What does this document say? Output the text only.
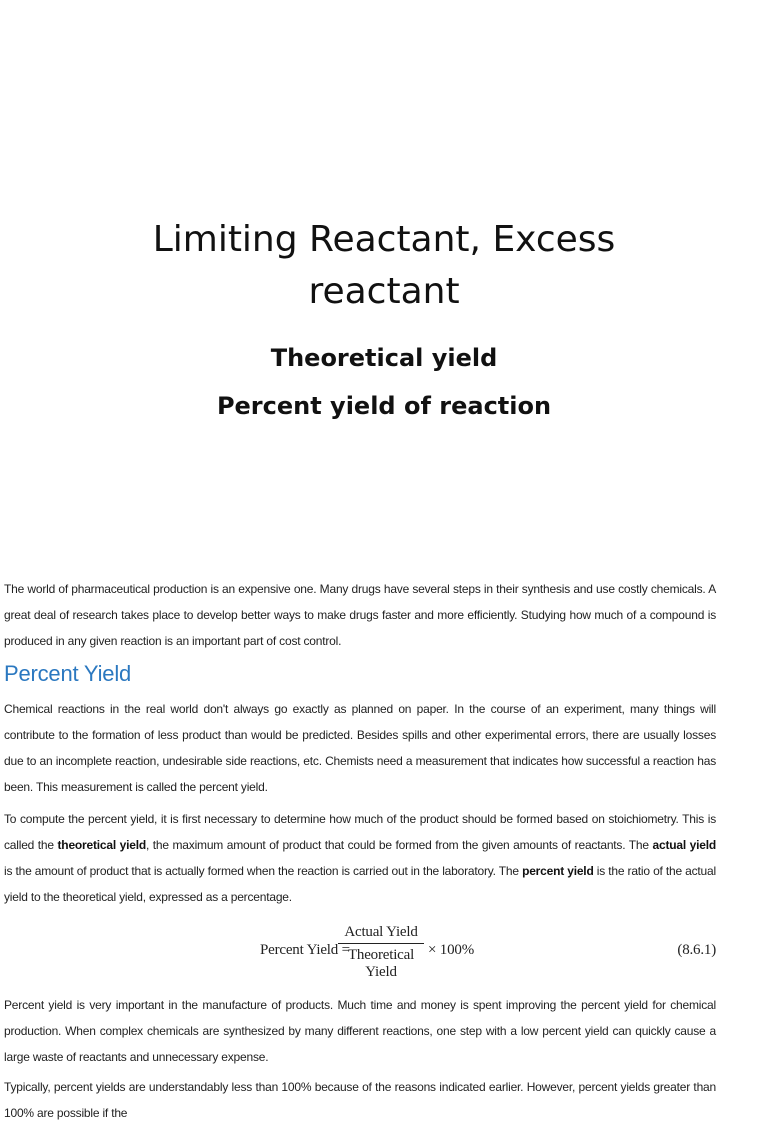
Limiting Reactant, Excess
reactant
Theoretical yield
Percent yield of reaction

The world of pharmaceutical production is an expensive one. Many drugs have several steps in their synthesis and use costly chemicals. A great deal of research takes place to develop better ways to make drugs faster and more efficiently. Studying how much of a compound is produced in any given reaction is an important part of cost control.

Percent Yield

Chemical reactions in the real world don't always go exactly as planned on paper. In the course of an experiment, many things will contribute to the formation of less product than would be predicted. Besides spills and other experimental errors, there are usually losses due to an incomplete reaction, undesirable side reactions, etc. Chemists need a measurement that indicates how successful a reaction has been. This measurement is called the percent yield.

To compute the percent yield, it is first necessary to determine how much of the product should be formed based on stoichiometry. This is called the theoretical yield, the maximum amount of product that could be formed from the given amounts of reactants. The actual yield is the amount of product that is actually formed when the reaction is carried out in the laboratory. The percent yield is the ratio of the actual yield to the theoretical yield, expressed as a percentage.

Percent Yield =
Actual Yield
Theoretical Yield
× 100%	(8.6.1)

Percent yield is very important in the manufacture of products. Much time and money is spent improving the percent yield for chemical production. When complex chemicals are synthesized by many different reactions, one step with a low percent yield can quickly cause a large waste of reactants and unnecessary expense.

Typically, percent yields are understandably less than 100% because of the reasons indicated earlier. However, percent yields greater than 100% are possible if the
